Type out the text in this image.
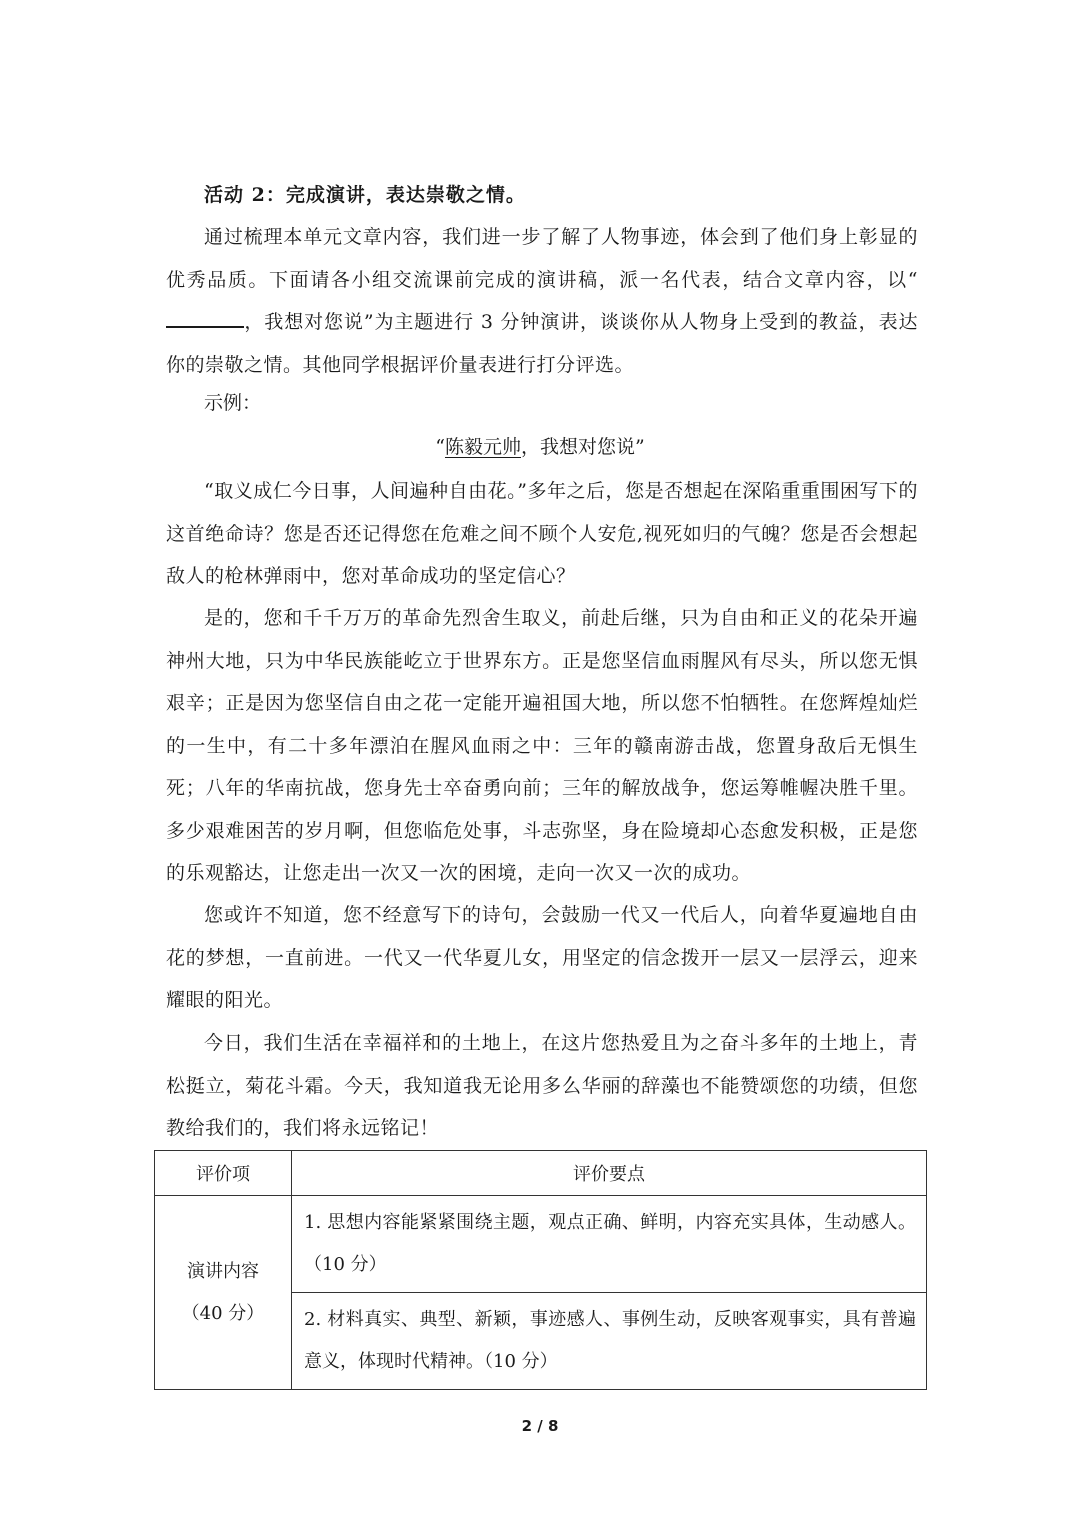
活动 2：完成演讲，表达崇敬之情。
通过梳理本单元文章内容，我们进一步了解了人物事迹，体会到了他们身上彰显的优秀品质。下面请各小组交流课前完成的演讲稿，派一名代表，结合文章内容，以“，我想对您说”为主题进行 3 分钟演讲，谈谈你从人物身上受到的教益，表达你的崇敬之情。其他同学根据评价量表进行打分评选。
示例：
“陈毅元帅，我想对您说”
“取义成仁今日事，人间遍种自由花。”多年之后，您是否想起在深陷重重围困写下的这首绝命诗？您是否还记得您在危难之间不顾个人安危,视死如归的气魄？您是否会想起敌人的枪林弹雨中，您对革命成功的坚定信心？
是的，您和千千万万的革命先烈舍生取义，前赴后继，只为自由和正义的花朵开遍神州大地，只为中华民族能屹立于世界东方。正是您坚信血雨腥风有尽头，所以您无惧艰辛；正是因为您坚信自由之花一定能开遍祖国大地，所以您不怕牺牲。在您辉煌灿烂的一生中，有二十多年漂泊在腥风血雨之中：三年的赣南游击战，您置身敌后无惧生死；八年的华南抗战，您身先士卒奋勇向前；三年的解放战争，您运筹帷幄决胜千里。多少艰难困苦的岁月啊，但您临危处事，斗志弥坚，身在险境却心态愈发积极，正是您的乐观豁达，让您走出一次又一次的困境，走向一次又一次的成功。
您或许不知道，您不经意写下的诗句，会鼓励一代又一代后人，向着华夏遍地自由花的梦想，一直前进。一代又一代华夏儿女，用坚定的信念拨开一层又一层浮云，迎来耀眼的阳光。
今日，我们生活在幸福祥和的土地上，在这片您热爱且为之奋斗多年的土地上，青松挺立，菊花斗霜。今天，我知道我无论用多么华丽的辞藻也不能赞颂您的功绩，但您教给我们的，我们将永远铭记！
评价项	评价要点

演讲内容
（40 分）	1. 思想内容能紧紧围绕主题，观点正确、鲜明，内容充实具体，生动感人。（10 分）
	2. 材料真实、典型、新颖，事迹感人、事例生动，反映客观事实，具有普遍意义，体现时代精神。（10 分）
2 / 8
